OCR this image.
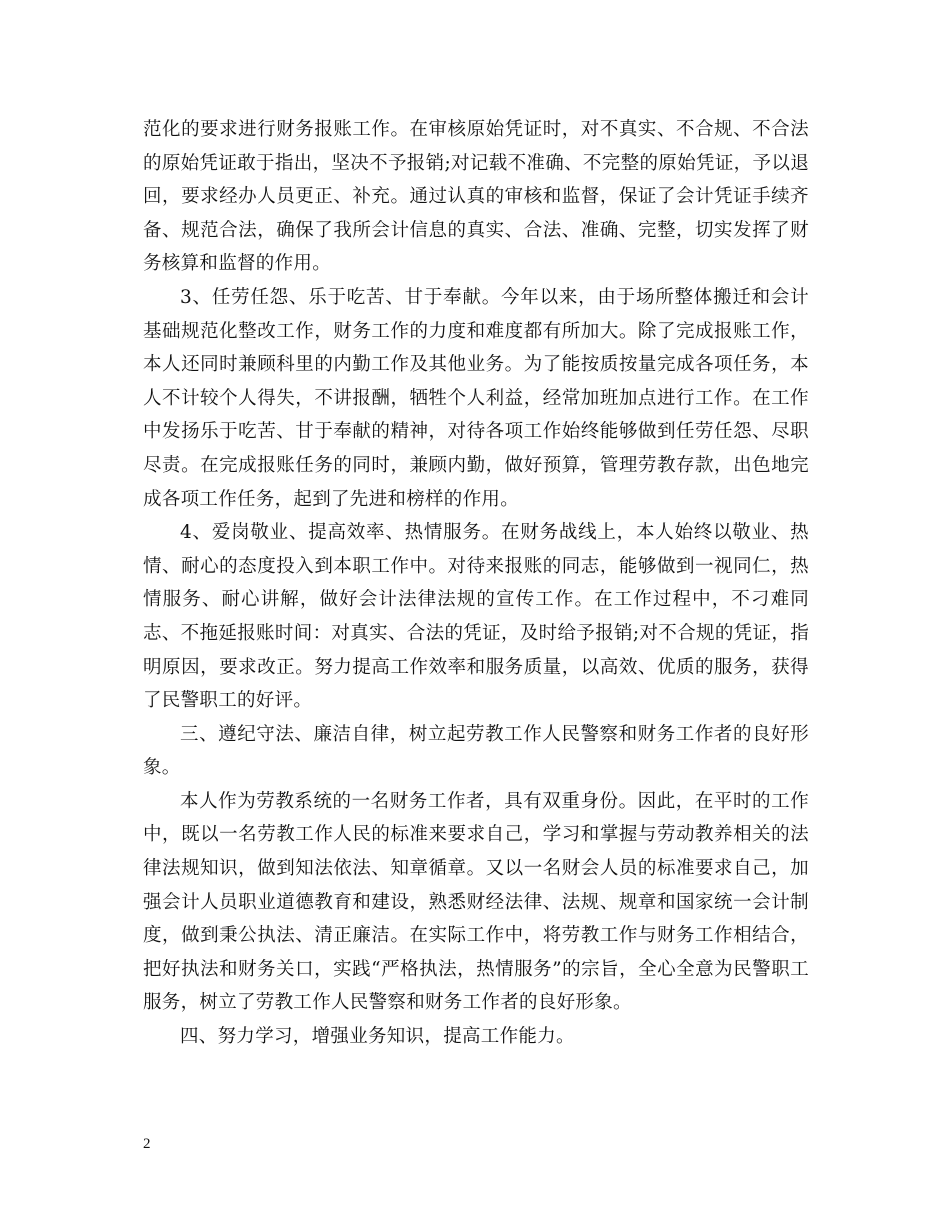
范化的要求进行财务报账工作。在审核原始凭证时，对不真实、不合规、不合法的原始凭证敢于指出，坚决不予报销;对记载不准确、不完整的原始凭证，予以退回，要求经办人员更正、补充。通过认真的审核和监督，保证了会计凭证手续齐备、规范合法，确保了我所会计信息的真实、合法、准确、完整，切实发挥了财务核算和监督的作用。

3、任劳任怨、乐于吃苦、甘于奉献。今年以来，由于场所整体搬迁和会计基础规范化整改工作，财务工作的力度和难度都有所加大。除了完成报账工作，本人还同时兼顾科里的内勤工作及其他业务。为了能按质按量完成各项任务，本人不计较个人得失，不讲报酬，牺牲个人利益，经常加班加点进行工作。在工作中发扬乐于吃苦、甘于奉献的精神，对待各项工作始终能够做到任劳任怨、尽职尽责。在完成报账任务的同时，兼顾内勤，做好预算，管理劳教存款，出色地完成各项工作任务，起到了先进和榜样的作用。

4、爱岗敬业、提高效率、热情服务。在财务战线上，本人始终以敬业、热情、耐心的态度投入到本职工作中。对待来报账的同志，能够做到一视同仁，热情服务、耐心讲解，做好会计法律法规的宣传工作。在工作过程中，不刁难同志、不拖延报账时间：对真实、合法的凭证，及时给予报销;对不合规的凭证，指明原因，要求改正。努力提高工作效率和服务质量，以高效、优质的服务，获得了民警职工的好评。

三、遵纪守法、廉洁自律，树立起劳教工作人民警察和财务工作者的良好形象。

本人作为劳教系统的一名财务工作者，具有双重身份。因此，在平时的工作中，既以一名劳教工作人民的标准来要求自己，学习和掌握与劳动教养相关的法律法规知识，做到知法依法、知章循章。又以一名财会人员的标准要求自己，加强会计人员职业道德教育和建设，熟悉财经法律、法规、规章和国家统一会计制度，做到秉公执法、清正廉洁。在实际工作中，将劳教工作与财务工作相结合，把好执法和财务关口，实践“严格执法，热情服务”的宗旨，全心全意为民警职工服务，树立了劳教工作人民警察和财务工作者的良好形象。

四、努力学习，增强业务知识，提高工作能力。

2
